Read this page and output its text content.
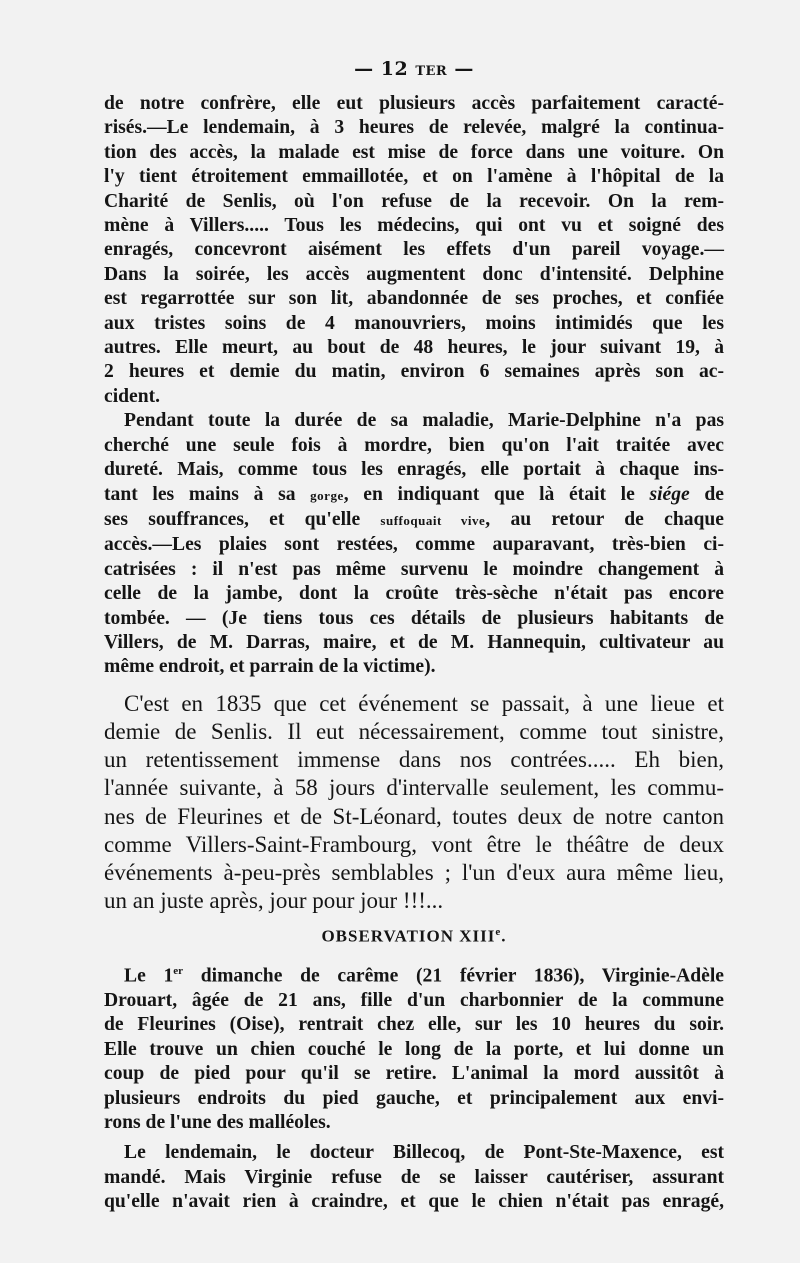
— 12 TER —
de notre confrère, elle eut plusieurs accès parfaitement caracté-
risés.—Le lendemain, à 3 heures de relevée, malgré la continua-
tion des accès, la malade est mise de force dans une voiture. On
l'y tient étroitement emmaillotée, et on l'amène à l'hôpital de la
Charité de Senlis, où l'on refuse de la recevoir. On la rem-
mène à Villers..... Tous les médecins, qui ont vu et soigné des
enragés, concevront aisément les effets d'un pareil voyage.—
Dans la soirée, les accès augmentent donc d'intensité. Delphine
est regarrottée sur son lit, abandonnée de ses proches, et confiée
aux tristes soins de 4 manouvriers, moins intimidés que les
autres. Elle meurt, au bout de 48 heures, le jour suivant 19, à
2 heures et demie du matin, environ 6 semaines après son ac-
cident.
Pendant toute la durée de sa maladie, Marie-Delphine n'a pas
cherché une seule fois à mordre, bien qu'on l'ait traitée avec
dureté. Mais, comme tous les enragés, elle portait à chaque ins-
tant les mains à sa gorge, en indiquant que là était le siége de
ses souffrances, et qu'elle suffoquait vive, au retour de chaque
accès.—Les plaies sont restées, comme auparavant, très-bien ci-
catrisées : il n'est pas même survenu le moindre changement à
celle de la jambe, dont la croûte très-sèche n'était pas encore
tombée. — (Je tiens tous ces détails de plusieurs habitants de
Villers, de M. Darras, maire, et de M. Hannequin, cultivateur au
même endroit, et parrain de la victime).
C'est en 1835 que cet événement se passait, à une lieue et
demie de Senlis. Il eut nécessairement, comme tout sinistre,
un retentissement immense dans nos contrées..... Eh bien,
l'année suivante, à 58 jours d'intervalle seulement, les commu-
nes de Fleurines et de St-Léonard, toutes deux de notre canton
comme Villers-Saint-Frambourg, vont être le théâtre de deux
événements à-peu-près semblables ; l'un d'eux aura même lieu,
un an juste après, jour pour jour !!!...
OBSERVATION XIIIe.
Le 1er dimanche de carême (21 février 1836), Virginie-Adèle
Drouart, âgée de 21 ans, fille d'un charbonnier de la commune
de Fleurines (Oise), rentrait chez elle, sur les 10 heures du soir.
Elle trouve un chien couché le long de la porte, et lui donne un
coup de pied pour qu'il se retire. L'animal la mord aussitôt à
plusieurs endroits du pied gauche, et principalement aux envi-
rons de l'une des malléoles.
Le lendemain, le docteur Billecoq, de Pont-Ste-Maxence, est
mandé. Mais Virginie refuse de se laisser cautériser, assurant
qu'elle n'avait rien à craindre, et que le chien n'était pas enragé,
